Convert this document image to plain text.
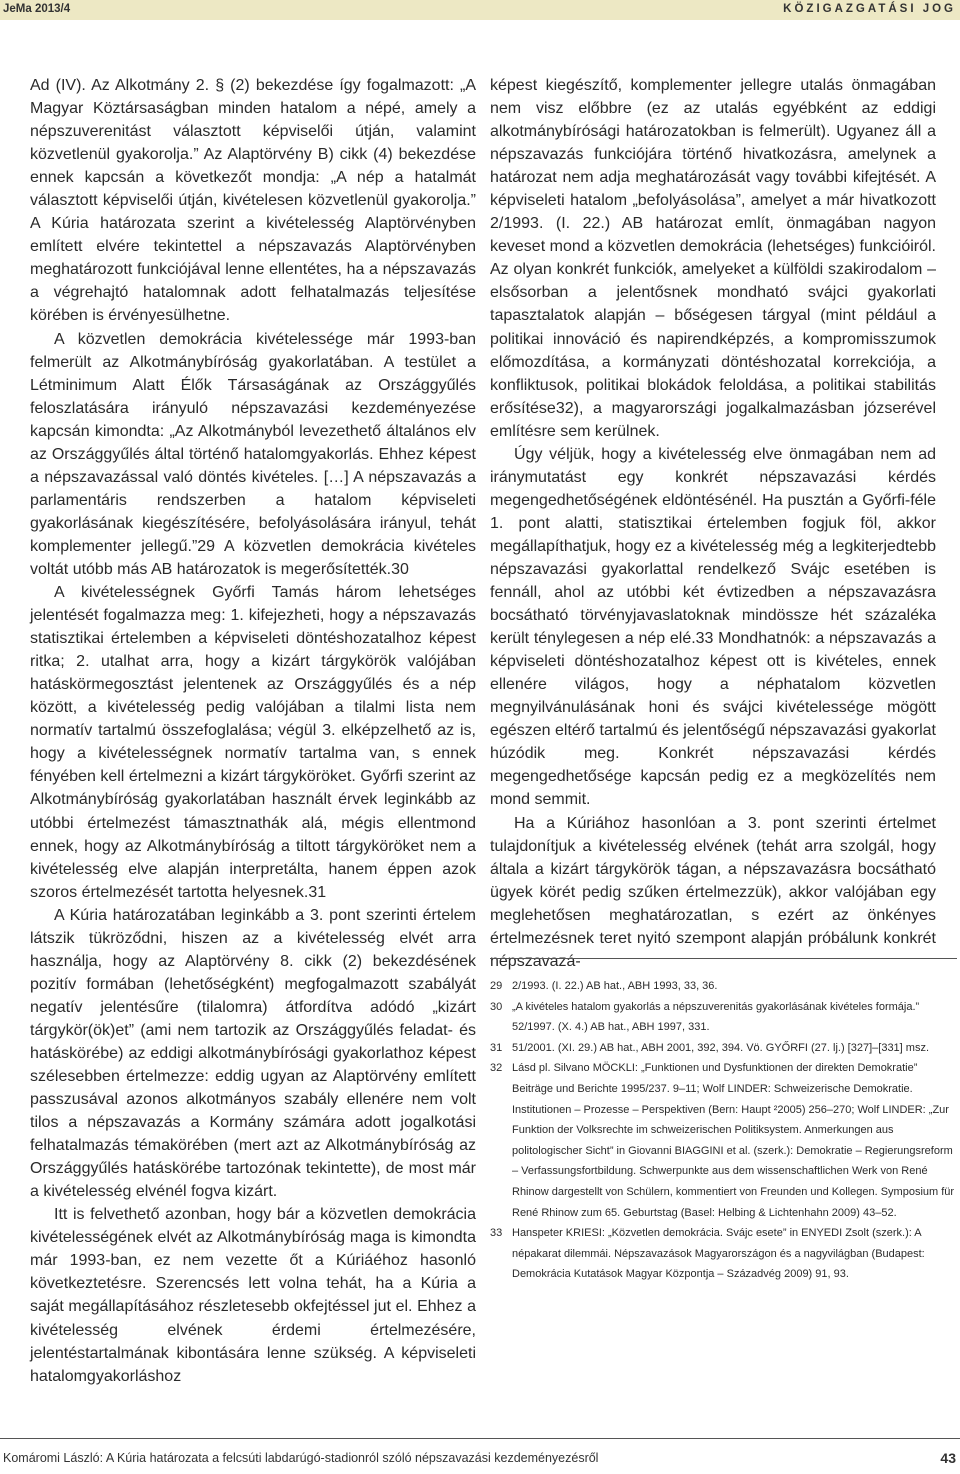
JeMa 2013/4	KÖZIGAZGATÁSI JOG

Ad (IV). Az Alkotmány 2. § (2) bekezdése így fogalmazott: „A Magyar Köztársaságban minden hatalom a népé, amely a népszuverenitást választott képviselői útján, valamint közvetlenül gyakorolja.” Az Alaptörvény B) cikk (4) bekezdése ennek kapcsán a következőt mondja: „A nép a hatalmát választott képviselői útján, kivételesen közvetlenül gyakorolja.” A Kúria határozata szerint a kivételesség Alaptörvényben említett elvére tekintettel a népszavazás Alaptörvényben meghatározott funkciójával lenne ellentétes, ha a népszavazás a végrehajtó hatalomnak adott felhatalmazás teljesítése körében is érvényesülhetne.

A közvetlen demokrácia kivételessége már 1993-ban felmerült az Alkotmánybíróság gyakorlatában. A testület a Létminimum Alatt Élők Társaságának az Országgyűlés feloszlatására irányuló népszavazási kezdeményezése kapcsán kimondta: „Az Alkotmányból levezethető általános elv az Országgyűlés által történő hatalomgyakorlás. Ehhez képest a népszavazással való döntés kivételes. […] A népszavazás a parlamentáris rendszerben a hatalom képviseleti gyakorlásának kiegészítésére, befolyásolására irányul, tehát komplementer jellegű.”29 A közvetlen demokrácia kivételes voltát utóbb más AB határozatok is megerősítették.30

A kivételességnek Győrfi Tamás három lehetséges jelentését fogalmazza meg: 1. kifejezheti, hogy a népszavazás statisztikai értelemben a képviseleti döntéshozatalhoz képest ritka; 2. utalhat arra, hogy a kizárt tárgykörök valójában hatáskörmegosztást jelentenek az Országgyűlés és a nép között, a kivételesség pedig valójában a tilalmi lista nem normatív tartalmú összefoglalása; végül 3. elképzelhető az is, hogy a kivételességnek normatív tartalma van, s ennek fényében kell értelmezni a kizárt tárgyköröket. Győrfi szerint az Alkotmánybíróság gyakorlatában használt érvek leginkább az utóbbi értelmezést támasztnathák alá, mégis ellentmond ennek, hogy az Alkotmánybíróság a tiltott tárgyköröket nem a kivételesség elve alapján interpretálta, hanem éppen azok szoros értelmezését tartotta helyesnek.31

A Kúria határozatában leginkább a 3. pont szerinti értelem látszik tükröződni, hiszen az a kivételesség elvét arra használja, hogy az Alaptörvény 8. cikk (2) bekezdésének pozitív formában (lehetőségként) megfogalmazott szabályát negatív jelentésűre (tilalomra) átfordítva adódó „kizárt tárgykör(ök)et” (ami nem tartozik az Országgyűlés feladat- és hatáskörébe) az eddigi alkotmánybírósági gyakorlathoz képest szélesebben értelmezze: eddig ugyan az Alaptörvény említett passzusával azonos alkotmányos szabály ellenére nem volt tilos a népszavazás a Kormány számára adott jogalkotási felhatalmazás témakörében (mert azt az Alkotmánybíróság az Országgyűlés hatáskörébe tartozónak tekintette), de most már a kivételesség elvénél fogva kizárt.

Itt is felvethető azonban, hogy bár a közvetlen demokrácia kivételességének elvét az Alkotmánybíróság maga is kimondta már 1993-ban, ez nem vezette őt a Kúriáéhoz hasonló következtetésre. Szerencsés lett volna tehát, ha a Kúria a saját megállapításához részletesebb okfejtéssel jut el. Ehhez a kivételesség elvének érdemi értelmezésére, jelentéstartalmának kibontására lenne szükség. A képviseleti hatalomgyakorláshoz

képest kiegészítő, komplementer jellegre utalás önmagában nem visz előbbre (ez az utalás egyébként az eddigi alkotmánybírósági határozatokban is felmerült). Ugyanez áll a népszavazás funkciójára történő hivatkozásra, amelynek a határozat nem adja meghatározását vagy további kifejtését. A képviseleti hatalom „befolyásolása”, amelyet a már hivatkozott 2/1993. (I. 22.) AB határozat említ, önmagában nagyon keveset mond a közvetlen demokrácia (lehetséges) funkcióiról. Az olyan konkrét funkciók, amelyeket a külföldi szakirodalom – elsősorban a jelentősnek mondható svájci gyakorlati tapasztalatok alapján – bőségesen tárgyal (mint például a politikai innováció és napirendképzés, a kompromisszumok előmozdítása, a kormányzati döntéshozatal korrekciója, a konfliktusok, politikai blokádok feloldása, a politikai stabilitás erősítése32), a magyarországi jogalkalmazásban józserével említésre sem kerülnek.

Úgy véljük, hogy a kivételesség elve önmagában nem ad iránymutatást egy konkrét népszavazási kérdés megengedhetőségének eldöntésénél. Ha pusztán a Győrfi-féle 1. pont alatti, statisztikai értelemben fogjuk föl, akkor megállapíthatjuk, hogy ez a kivételesség még a legkiterjedtebb népszavazási gyakorlattal rendelkező Svájc esetében is fennáll, ahol az utóbbi két évtizedben a népszavazásra bocsátható törvényjavaslatoknak mindössze hét százaléka került ténylegesen a nép elé.33 Mondhatnók: a népszavazás a képviseleti döntéshozatalhoz képest ott is kivételes, ennek ellenére világos, hogy a néphatalom közvetlen megnyilvánulásának honi és svájci kivételessége mögött egészen eltérő tartalmú és jelentőségű népszavazási gyakorlat húzódik meg. Konkrét népszavazási kérdés megengedhetősége kapcsán pedig ez a megközelítés nem mond semmit.

Ha a Kúriához hasonlóan a 3. pont szerinti értelmet tulajdonítjuk a kivételesség elvének (tehát arra szolgál, hogy általa a kizárt tárgykörök tágan, a népszavazásra bocsátható ügyek körét pedig szűken értelmezzük), akkor valójában egy meglehetősen meghatározatlan, s ezért az önkényes értelmezésnek teret nyitó szempont alapján próbálunk konkrét népszavazá-

29 2/1993. (I. 22.) AB hat., ABH 1993, 33, 36.
30 „A kivételes hatalom gyakorlás a népszuverenitás gyakorlásának kivételes formája.” 52/1997. (X. 4.) AB hat., ABH 1997, 331.
31 51/2001. (XI. 29.) AB hat., ABH 2001, 392, 394. Vö. GYŐRFI (27. lj.) [327]–[331] msz.
32 Lásd pl. Silvano MÖCKLI: „Funktionen und Dysfunktionen der direkten Demokratie” Beiträge und Berichte 1995/237. 9–11; Wolf LINDER: Schweizerische Demokratie. Institutionen – Prozesse – Perspektiven (Bern: Haupt ²2005) 256–270; Wolf LINDER: „Zur Funktion der Volksrechte im schweizerischen Politiksystem. Anmerkungen aus politologischer Sicht” in Giovanni BIAGGINI et al. (szerk.): Demokratie – Regierungsreform – Verfassungsfortbildung. Schwerpunkte aus dem wissenschaftlichen Werk von René Rhinow dargestellt von Schülern, kommentiert von Freunden und Kollegen. Symposium für René Rhinow zum 65. Geburtstag (Basel: Helbing & Lichtenhahn 2009) 43–52.
33 Hanspeter KRIESI: „Közvetlen demokrácia. Svájc esete” in ENYEDI Zsolt (szerk.): A népakarat dilemmái. Népszavazások Magyarországon és a nagyvilágban (Budapest: Demokrácia Kutatások Magyar Központja – Századvég 2009) 91, 93.
Komáromi László: A Kúria határozata a felcsúti labdarúgó-stadionról szóló népszavazási kezdeményezésről	43
